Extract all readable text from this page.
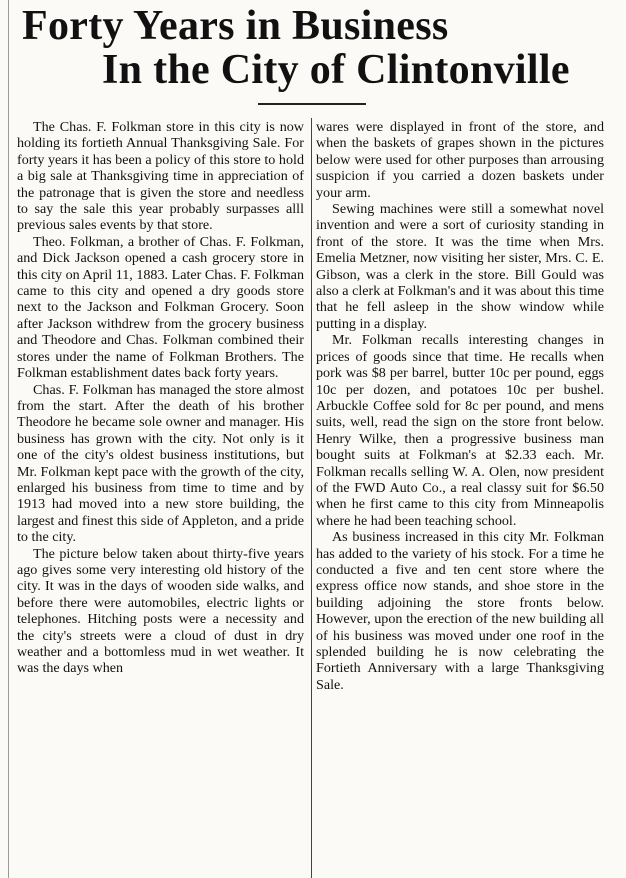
Forty Years in Business
In the City of Clintonville

The Chas. F. Folkman store in this city is now holding its fortieth Annual Thanksgiving Sale. For forty years it has been a policy of this store to hold a big sale at Thanksgiving time in appreciation of the patronage that is given the store and needless to say the sale this year probably surpasses alll previous sales events by that store.

Theo. Folkman, a brother of Chas. F. Folkman, and Dick Jackson opened a cash grocery store in this city on April 11, 1883. Later Chas. F. Folkman came to this city and opened a dry goods store next to the Jackson and Folkman Grocery. Soon after Jackson withdrew from the grocery business and Theodore and Chas. Folkman combined their stores under the name of Folkman Brothers. The Folkman establishment dates back forty years.

Chas. F. Folkman has managed the store almost from the start. After the death of his brother Theodore he became sole owner and manager. His business has grown with the city. Not only is it one of the city's oldest business institutions, but Mr. Folkman kept pace with the growth of the city, enlarged his business from time to time and by 1913 had moved into a new store building, the largest and finest this side of Appleton, and a pride to the city.

The picture below taken about thirty-five years ago gives some very interesting old history of the city. It was in the days of wooden side walks, and before there were automobiles, electric lights or telephones. Hitching posts were a necessity and the city's streets were a cloud of dust in dry weather and a bottomless mud in wet weather. It was the days when

wares were displayed in front of the store, and when the baskets of grapes shown in the pictures below were used for other purposes than arrousing suspicion if you carried a dozen baskets under your arm.

Sewing machines were still a somewhat novel invention and were a sort of curiosity standing in front of the store. It was the time when Mrs. Emelia Metzner, now visiting her sister, Mrs. C. E. Gibson, was a clerk in the store. Bill Gould was also a clerk at Folkman's and it was about this time that he fell asleep in the show window while putting in a display.

Mr. Folkman recalls interesting changes in prices of goods since that time. He recalls when pork was $8 per barrel, butter 10c per pound, eggs 10c per dozen, and potatoes 10c per bushel. Arbuckle Coffee sold for 8c per pound, and mens suits, well, read the sign on the store front below. Henry Wilke, then a progressive business man bought suits at Folkman's at $2.33 each. Mr. Folkman recalls selling W. A. Olen, now president of the FWD Auto Co., a real classy suit for $6.50 when he first came to this city from Minneapolis where he had been teaching school.

As business increased in this city Mr. Folkman has added to the variety of his stock. For a time he conducted a five and ten cent store where the express office now stands, and shoe store in the building adjoining the store fronts below. However, upon the erection of the new building all of his business was moved under one roof in the splended building he is now celebrating the Fortieth Anniversary with a large Thanksgiving Sale.
